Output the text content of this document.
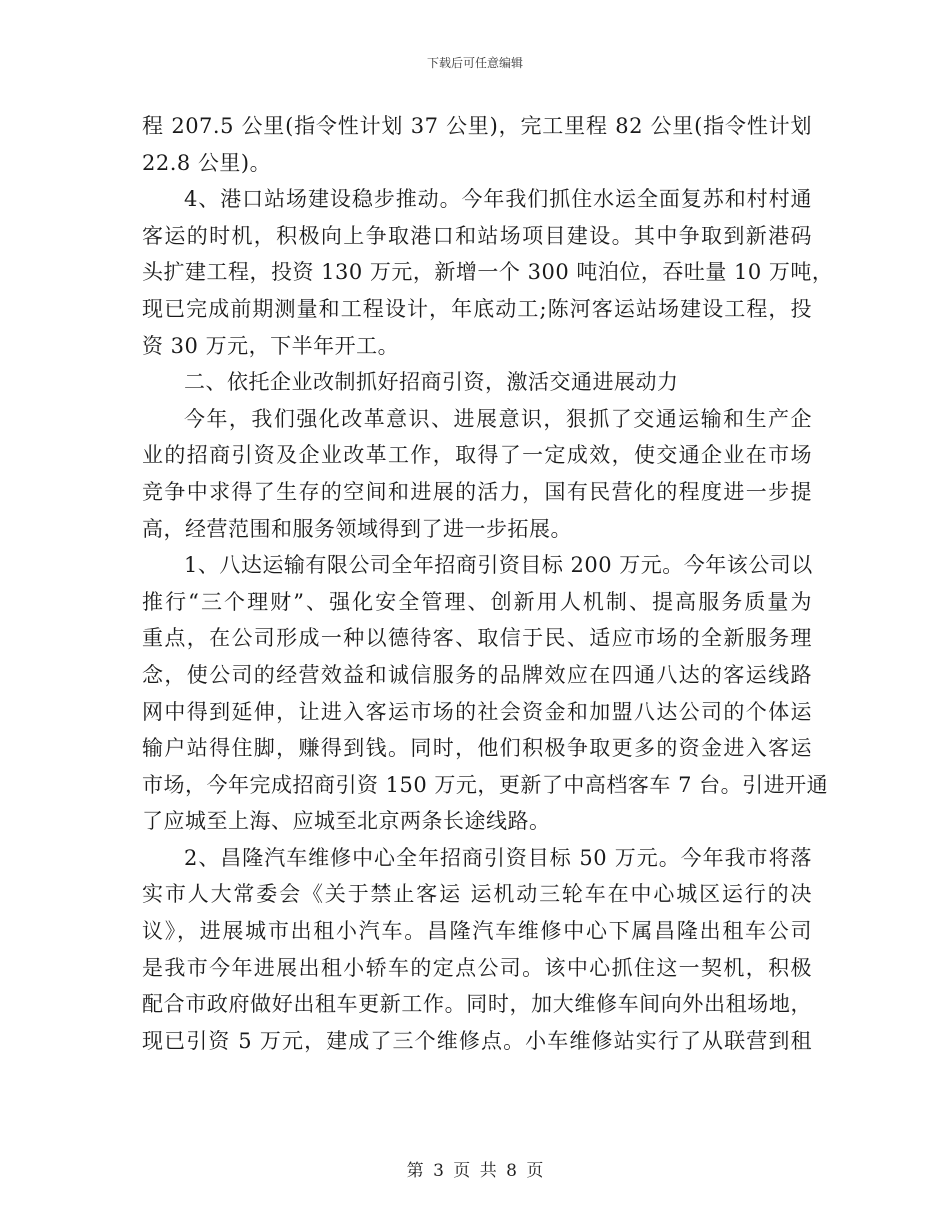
下载后可任意编辑
程 207.5 公里(指令性计划 37 公里)，完工里程 82 公里(指令性计划
22.8 公里)。
4、港口站场建设稳步推动。今年我们抓住水运全面复苏和村村通
客运的时机，积极向上争取港口和站场项目建设。其中争取到新港码
头扩建工程，投资 130 万元，新增一个 300 吨泊位，吞吐量 10 万吨，
现已完成前期测量和工程设计，年底动工;陈河客运站场建设工程，投
资 30 万元，下半年开工。
二、依托企业改制抓好招商引资，激活交通进展动力
今年，我们强化改革意识、进展意识，狠抓了交通运输和生产企
业的招商引资及企业改革工作，取得了一定成效，使交通企业在市场
竞争中求得了生存的空间和进展的活力，国有民营化的程度进一步提
高，经营范围和服务领域得到了进一步拓展。
1、八达运输有限公司全年招商引资目标 200 万元。今年该公司以
推行“三个理财”、强化安全管理、创新用人机制、提高服务质量为
重点，在公司形成一种以德待客、取信于民、适应市场的全新服务理
念，使公司的经营效益和诚信服务的品牌效应在四通八达的客运线路
网中得到延伸，让进入客运市场的社会资金和加盟八达公司的个体运
输户站得住脚，赚得到钱。同时，他们积极争取更多的资金进入客运
市场，今年完成招商引资 150 万元，更新了中高档客车 7 台。引进开通
了应城至上海、应城至北京两条长途线路。
2、昌隆汽车维修中心全年招商引资目标 50 万元。今年我市将落
实市人大常委会《关于禁止客运 运机动三轮车在中心城区运行的决
议》，进展城市出租小汽车。昌隆汽车维修中心下属昌隆出租车公司
是我市今年进展出租小轿车的定点公司。该中心抓住这一契机，积极
配合市政府做好出租车更新工作。同时，加大维修车间向外出租场地，
现已引资 5 万元，建成了三个维修点。小车维修站实行了从联营到租
第 3 页 共 8 页
